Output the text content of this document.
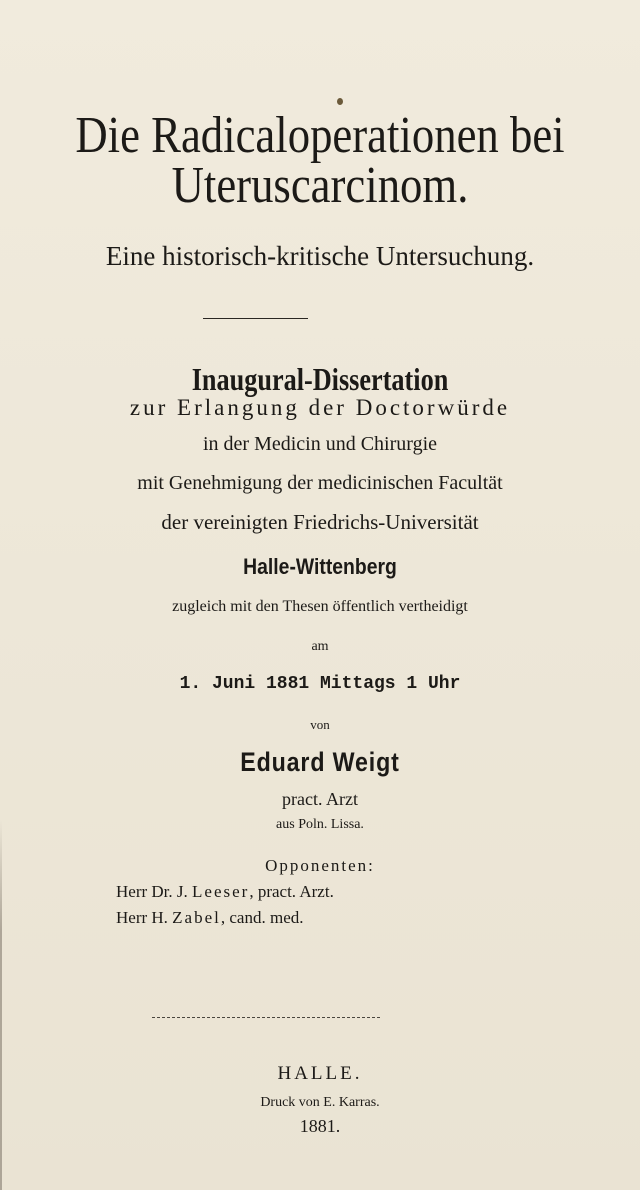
Die Radicaloperationen bei
Uteruscarcinom.
Eine historisch-kritische Untersuchung.
Inaugural-Dissertation
zur Erlangung der Doctorwürde
in der Medicin und Chirurgie
mit Genehmigung der medicinischen Facultät
der vereinigten Friedrichs-Universität
Halle-Wittenberg
zugleich mit den Thesen öffentlich vertheidigt
am
1. Juni 1881 Mittags 1 Uhr
von
Eduard Weigt
pract. Arzt
aus Poln. Lissa.
Opponenten:
Herr Dr. J. Leeser, pract. Arzt.
Herr H. Zabel, cand. med.
HALLE.
Druck von E. Karras.
1881.
